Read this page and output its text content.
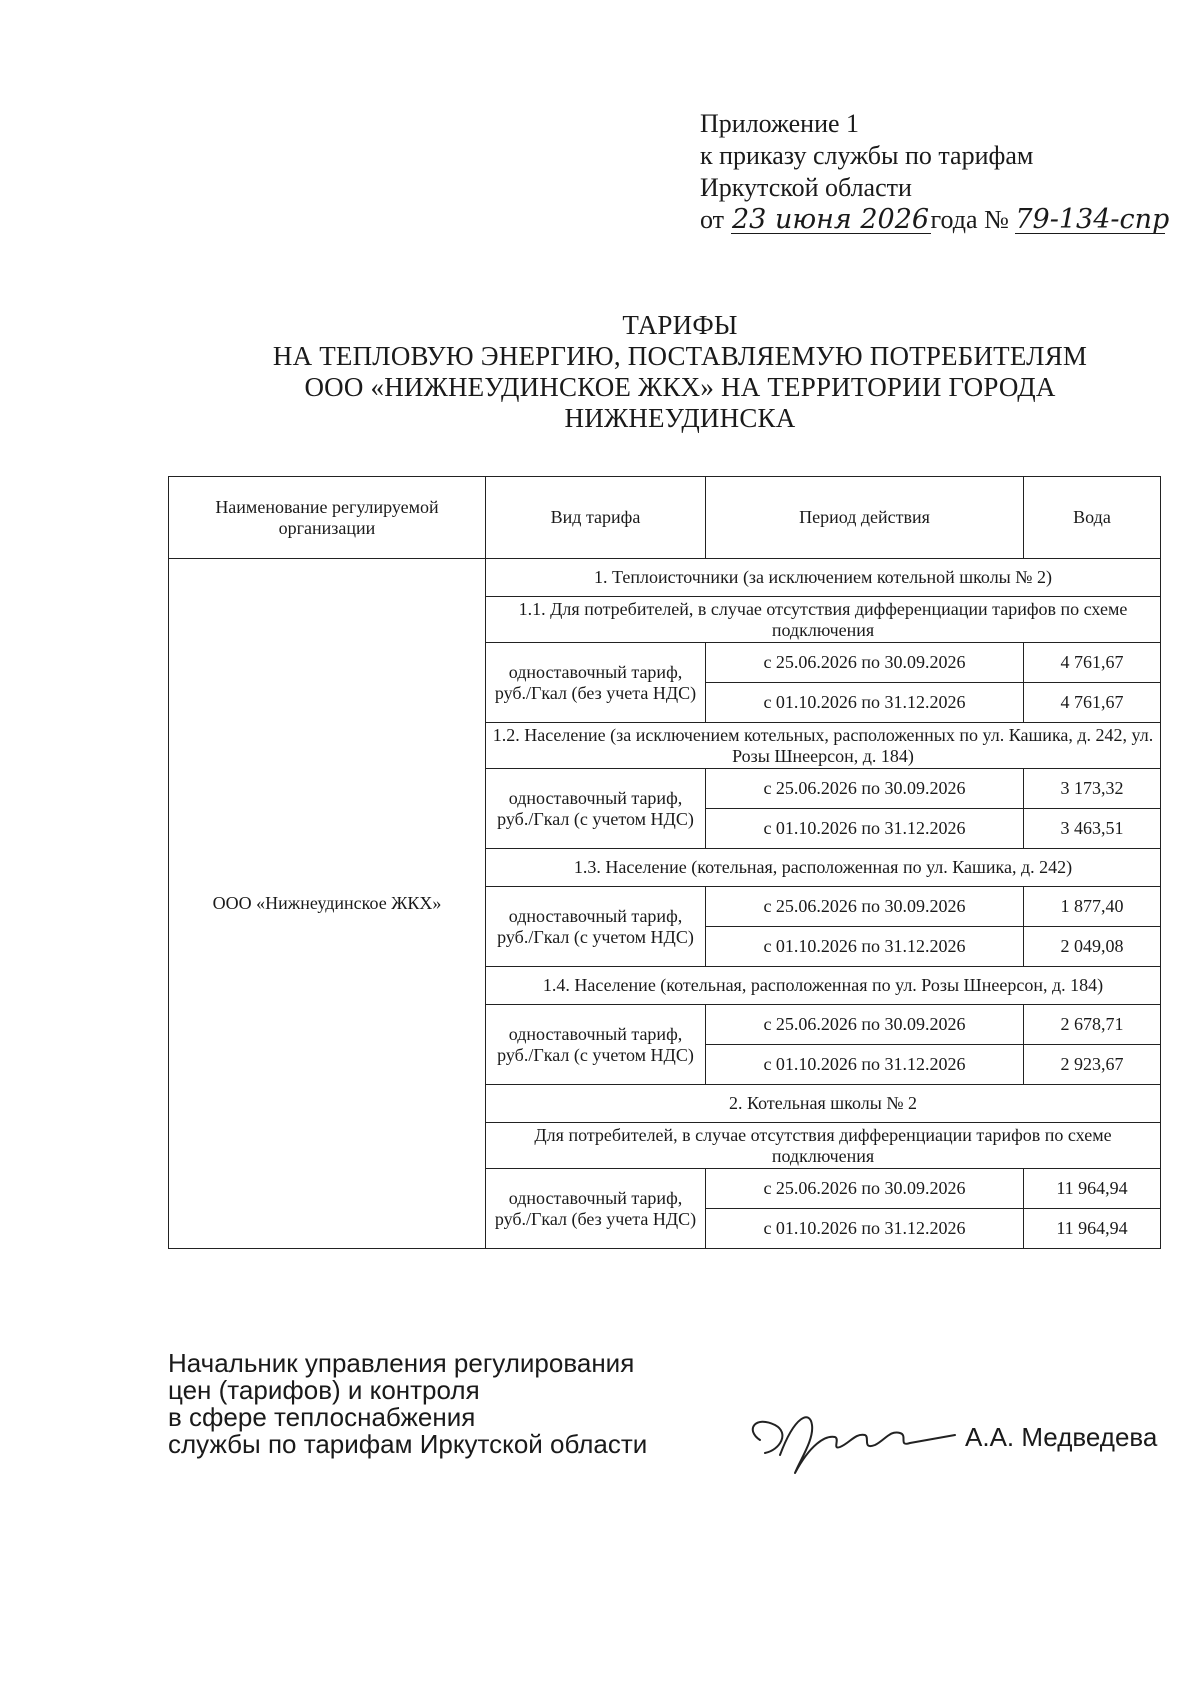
Приложение 1
к приказу службы по тарифам
Иркутской области
от 23 июня 2026года № 79-134-спр
ТАРИФЫ
НА ТЕПЛОВУЮ ЭНЕРГИЮ, ПОСТАВЛЯЕМУЮ ПОТРЕБИТЕЛЯМ
ООО «НИЖНЕУДИНСКОЕ ЖКХ» НА ТЕРРИТОРИИ ГОРОДА
НИЖНЕУДИНСКА
Наименование регулируемой организации	Вид тарифа	Период действия	Вода
ООО «Нижнеудинское ЖКХ»	1. Теплоисточники (за исключением котельной школы № 2)		
	1.1. Для потребителей, в случае отсутствия дифференциации тарифов по схеме подключения		
	одноставочный тариф, руб./Гкал (без учета НДС)	с 25.06.2026 по 30.09.2026	4 761,67
		с 01.10.2026 по 31.12.2026	4 761,67
	1.2. Население (за исключением котельных, расположенных по ул. Кашика, д. 242, ул. Розы Шнеерсон, д. 184)		
	одноставочный тариф, руб./Гкал (с учетом НДС)	с 25.06.2026 по 30.09.2026	3 173,32
		с 01.10.2026 по 31.12.2026	3 463,51
	1.3. Население (котельная, расположенная по ул. Кашика, д. 242)		
	одноставочный тариф, руб./Гкал (с учетом НДС)	с 25.06.2026 по 30.09.2026	1 877,40
		с 01.10.2026 по 31.12.2026	2 049,08
	1.4. Население (котельная, расположенная по ул. Розы Шнеерсон, д. 184)		
	одноставочный тариф, руб./Гкал (с учетом НДС)	с 25.06.2026 по 30.09.2026	2 678,71
		с 01.10.2026 по 31.12.2026	2 923,67
	2. Котельная школы № 2		
	Для потребителей, в случае отсутствия дифференциации тарифов по схеме подключения		
	одноставочный тариф, руб./Гкал (без учета НДС)	с 25.06.2026 по 30.09.2026	11 964,94
		с 01.10.2026 по 31.12.2026	11 964,94
Начальник управления регулирования
цен (тарифов) и контроля
в сфере теплоснабжения
службы по тарифам Иркутской области	А.А. Медведева
